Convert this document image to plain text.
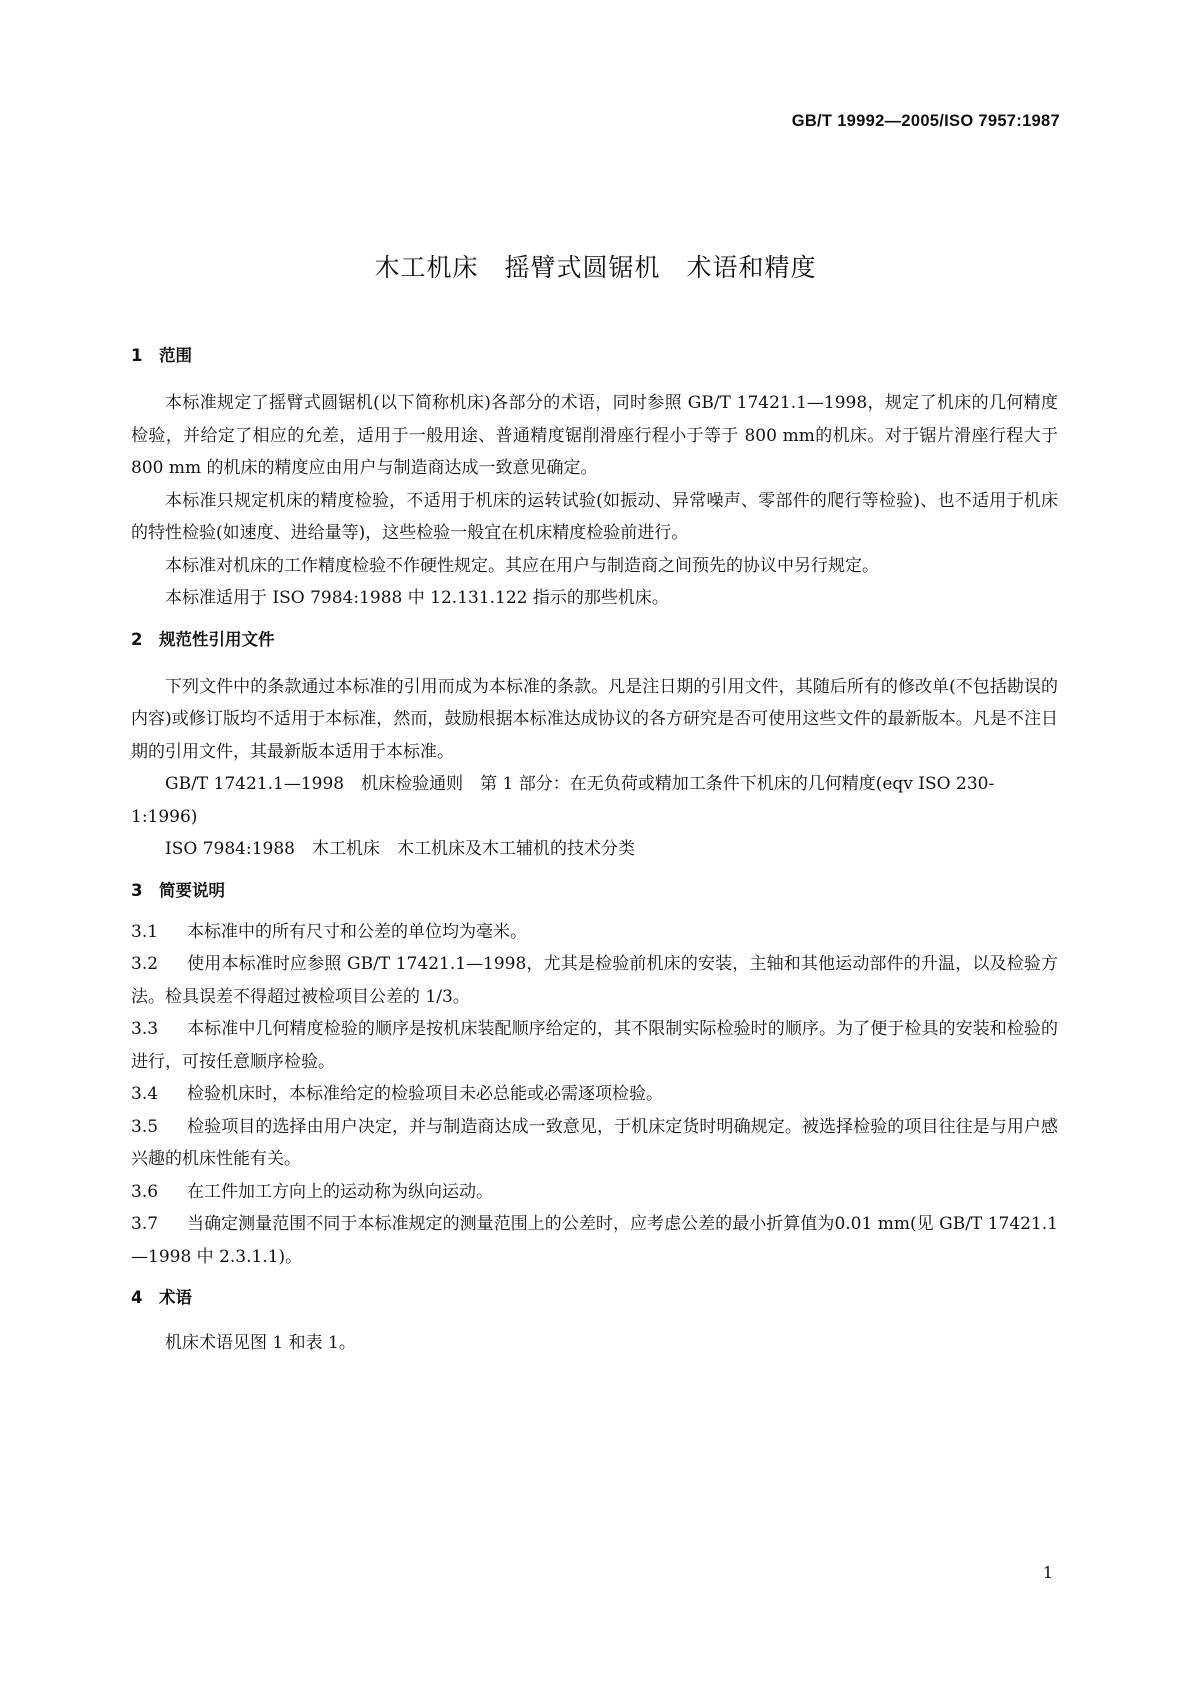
GB/T 19992—2005/ISO 7957:1987
木工机床　摇臂式圆锯机　术语和精度
1　范围

本标准规定了摇臂式圆锯机(以下简称机床)各部分的术语，同时参照 GB/T 17421.1—1998，规定了机床的几何精度检验，并给定了相应的允差，适用于一般用途、普通精度锯削滑座行程小于等于 800 mm的机床。对于锯片滑座行程大于 800 mm 的机床的精度应由用户与制造商达成一致意见确定。

本标准只规定机床的精度检验，不适用于机床的运转试验(如振动、异常噪声、零部件的爬行等检验)、也不适用于机床的特性检验(如速度、进给量等)，这些检验一般宜在机床精度检验前进行。

本标准对机床的工作精度检验不作硬性规定。其应在用户与制造商之间预先的协议中另行规定。

本标准适用于 ISO 7984:1988 中 12.131.122 指示的那些机床。

2　规范性引用文件

下列文件中的条款通过本标准的引用而成为本标准的条款。凡是注日期的引用文件，其随后所有的修改单(不包括勘误的内容)或修订版均不适用于本标准，然而，鼓励根据本标准达成协议的各方研究是否可使用这些文件的最新版本。凡是不注日期的引用文件，其最新版本适用于本标准。

GB/T 17421.1—1998　机床检验通则　第 1 部分：在无负荷或精加工条件下机床的几何精度(eqv ISO 230-1:1996)

ISO 7984:1988　木工机床　木工机床及木工辅机的技术分类

3　简要说明

3.1 本标准中的所有尺寸和公差的单位均为毫米。

3.2 使用本标准时应参照 GB/T 17421.1—1998，尤其是检验前机床的安装，主轴和其他运动部件的升温，以及检验方法。检具误差不得超过被检项目公差的 1/3。

3.3 本标准中几何精度检验的顺序是按机床装配顺序给定的，其不限制实际检验时的顺序。为了便于检具的安装和检验的进行，可按任意顺序检验。

3.4 检验机床时，本标准给定的检验项目未必总能或必需逐项检验。

3.5 检验项目的选择由用户决定，并与制造商达成一致意见，于机床定货时明确规定。被选择检验的项目往往是与用户感兴趣的机床性能有关。

3.6 在工件加工方向上的运动称为纵向运动。

3.7 当确定测量范围不同于本标准规定的测量范围上的公差时，应考虑公差的最小折算值为0.01 mm(见 GB/T 17421.1—1998 中 2.3.1.1)。

4　术语

机床术语见图 1 和表 1。

1
